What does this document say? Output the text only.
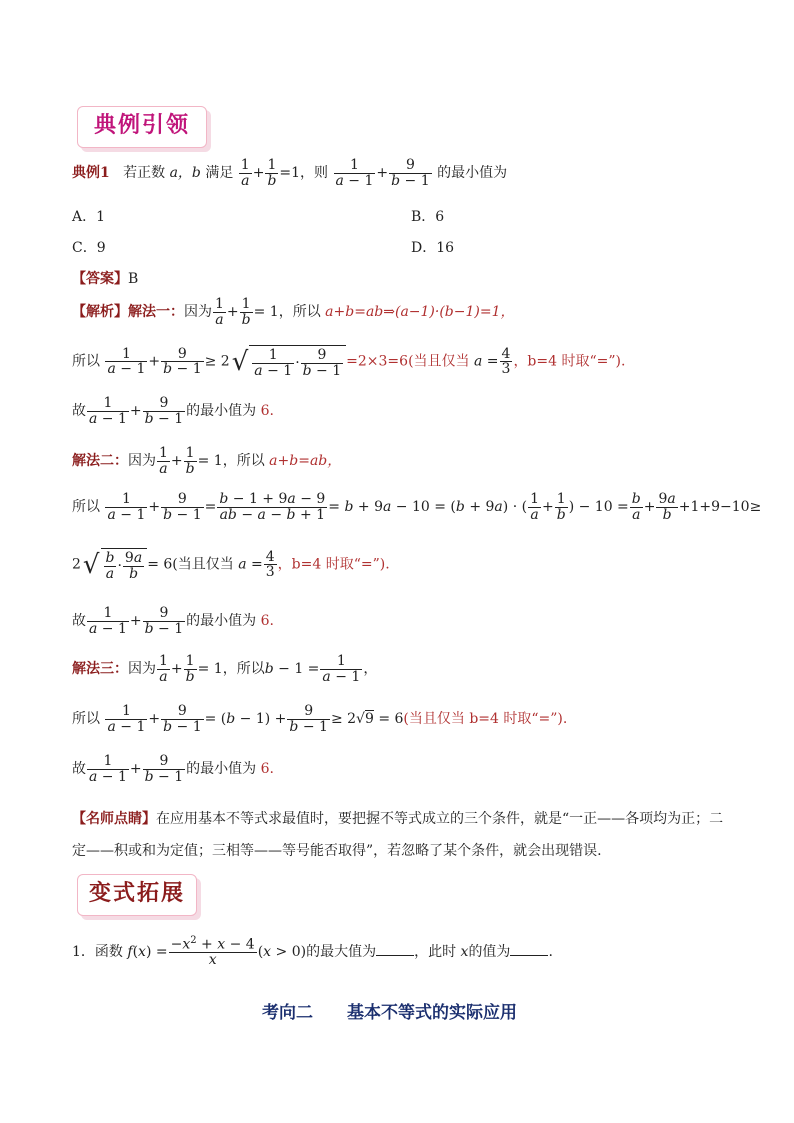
典例引领
典例1 若正数 a，b 满足 $\frac{1}{a} + \frac{1}{b} =1$，则 $\frac{1}{a - 1} + \frac{9}{b - 1}$ 的最小值为
A．1	B．6
C．9	D．16
【答案】B
【解析】解法一：因为 $\frac{1}{a} + \frac{1}{b} = 1$，所以 a+b=ab⇒(a−1)·(b−1)=1，
所以 $\frac{1}{a - 1} + \frac{9}{b - 1} \ge 2√ \frac{1}{a - 1} \cdot \frac{9}{b - 1} =2\times 3=6$(当且仅当 $a = \frac{4}{3}$ ，b=4 时取“=”).
故 $\frac{1}{a - 1} + \frac{9}{b - 1}$ 的最小值为 6.
解法二：因为 $\frac{1}{a} + \frac{1}{b} = 1$，所以 a+b=ab，
所以 $\frac{1}{a - 1} + \frac{9}{b - 1} = \frac{b - 1 + 9a - 9}{ab - a - b + 1} = b + 9a - 10 = (b + 9a)$ · ( $\frac{1}{a} + \frac{1}{b}$ ) − $10 = \frac{b}{a} + \frac{9a}{b} +1+9-10\ge$
$2√ \frac{b}{a} \cdot \frac{9a}{b} = 6$(当且仅当 $a = \frac{4}{3}$ ，b=4 时取“=”).
故 $\frac{1}{a - 1} + \frac{9}{b - 1}$ 的最小值为 6.
解法三：因为 $\frac{1}{a} + \frac{1}{b} = 1$，所以$b - 1 = \frac{1}{a - 1}$ ，
所以 $\frac{1}{a - 1} + \frac{9}{b - 1} = (b - 1) + \frac{9}{b - 1} \ge 2√9 = 6$(当且仅当 b=4 时取“=”).
故 $\frac{1}{a - 1} + \frac{9}{b - 1}$ 的最小值为 6.
【名师点睛】在应用基本不等式求最值时，要把握不等式成立的三个条件，就是“一正——各项均为正；二
定——积或和为定值；三相等——等号能否取得”，若忽略了某个条件，就会出现错误.
变式拓展
1．函数 $f(x) = \frac{-x^2 + x - 4}{x} (x > 0)$的最大值为	，此时 x的值为	.
考向二　　基本不等式的实际应用
